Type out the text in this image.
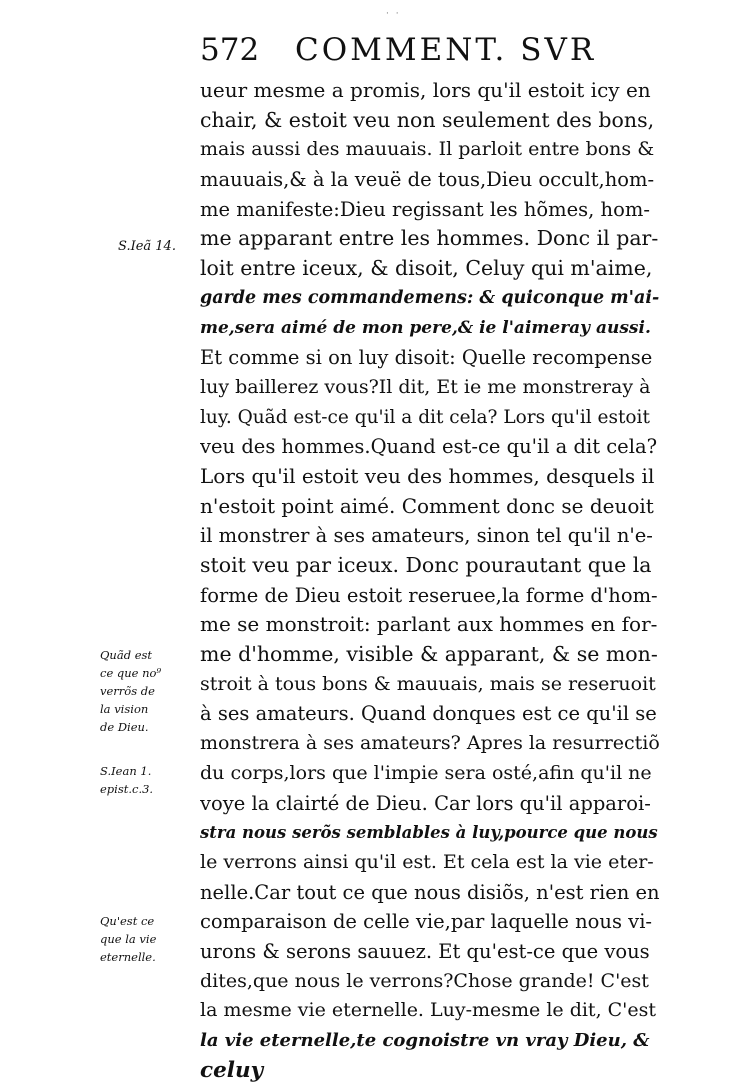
· ·
572 COMMENT. SVR
S.Ieã 14.
Quãd est
ce que no⁹
verrõs de
la vision
de Dieu.
S.Iean 1.
epist.c.3.
Qu'est ce
que la vie
eternelle.
ueur mesme a promis, lors qu'il estoit icy en
chair, & estoit veu non seulement des bons,
mais aussi des mauuais. Il parloit entre bons &
mauuais,& à la veuë de tous,Dieu occult,hom-
me manifeste:Dieu regissant les hõmes, hom-
me apparant entre les hommes. Donc il par-
loit entre iceux, & disoit, Celuy qui m'aime,
garde mes commandemens: & quiconque m'ai-
me,sera aimé de mon pere,& ie l'aimeray aussi.
Et comme si on luy disoit: Quelle recompense
luy baillerez vous?Il dit, Et ie me monstreray à
luy. Quãd est-ce qu'il a dit cela? Lors qu'il estoit
veu des hommes.Quand est-ce qu'il a dit cela?
Lors qu'il estoit veu des hommes, desquels il
n'estoit point aimé. Comment donc se deuoit
il monstrer à ses amateurs, sinon tel qu'il n'e-
stoit veu par iceux. Donc pourautant que la
forme de Dieu estoit reseruee,la forme d'hom-
me se monstroit: parlant aux hommes en for-
me d'homme, visible & apparant, & se mon-
stroit à tous bons & mauuais, mais se reseruoit
à ses amateurs. Quand donques est ce qu'il se
monstrera à ses amateurs? Apres la resurrectiõ
du corps,lors que l'impie sera osté,afin qu'il ne
voye la clairté de Dieu. Car lors qu'il apparoi-
stra nous serõs semblables à luy,pource que nous
le verrons ainsi qu'il est. Et cela est la vie eter-
nelle.Car tout ce que nous disiõs, n'est rien en
comparaison de celle vie,par laquelle nous vi-
urons & serons sauuez. Et qu'est-ce que vous
dites,que nous le verrons?Chose grande! C'est
la mesme vie eternelle. Luy-mesme le dit, C'est
la vie eternelle,te cognoistre vn vray Dieu, &
celuy
